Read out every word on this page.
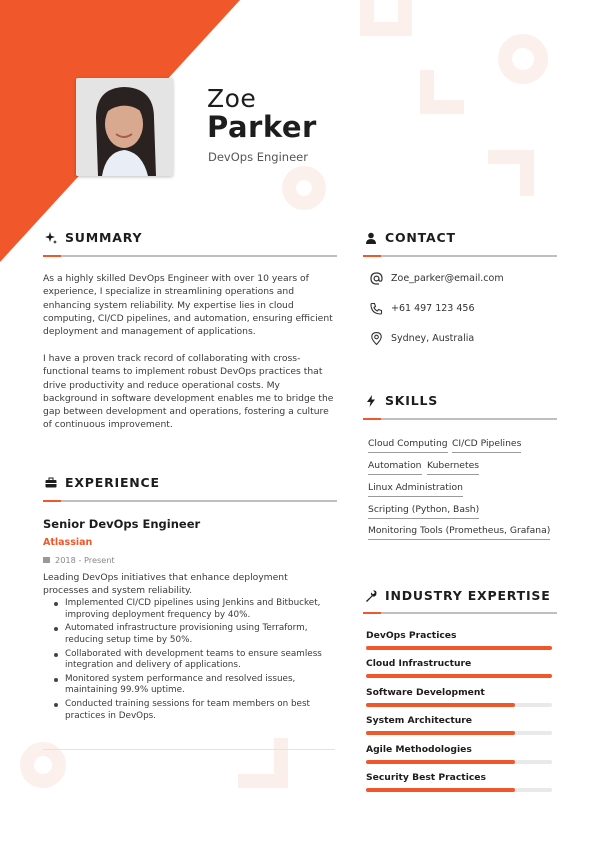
Zoe
Parker
DevOps Engineer
SUMMARY
As a highly skilled DevOps Engineer with over 10 years of experience, I specialize in streamlining operations and enhancing system reliability. My expertise lies in cloud computing, CI/CD pipelines, and automation, ensuring efficient deployment and management of applications.
I have a proven track record of collaborating with cross-functional teams to implement robust DevOps practices that drive productivity and reduce operational costs. My background in software development enables me to bridge the gap between development and operations, fostering a culture of continuous improvement.
EXPERIENCE
Senior DevOps Engineer
Atlassian
2018 - Present
Leading DevOps initiatives that enhance deployment processes and system reliability.
Implemented CI/CD pipelines using Jenkins and Bitbucket, improving deployment frequency by 40%.
Automated infrastructure provisioning using Terraform, reducing setup time by 50%.
Collaborated with development teams to ensure seamless integration and delivery of applications.
Monitored system performance and resolved issues, maintaining 99.9% uptime.
Conducted training sessions for team members on best practices in DevOps.
CONTACT
Zoe_parker@email.com
+61 497 123 456
Sydney, Australia
SKILLS
Cloud Computing CI/CD Pipelines
Automation Kubernetes
Linux Administration
Scripting (Python, Bash)
Monitoring Tools (Prometheus, Grafana)
INDUSTRY EXPERTISE
DevOps Practices
Cloud Infrastructure
Software Development
System Architecture
Agile Methodologies
Security Best Practices
